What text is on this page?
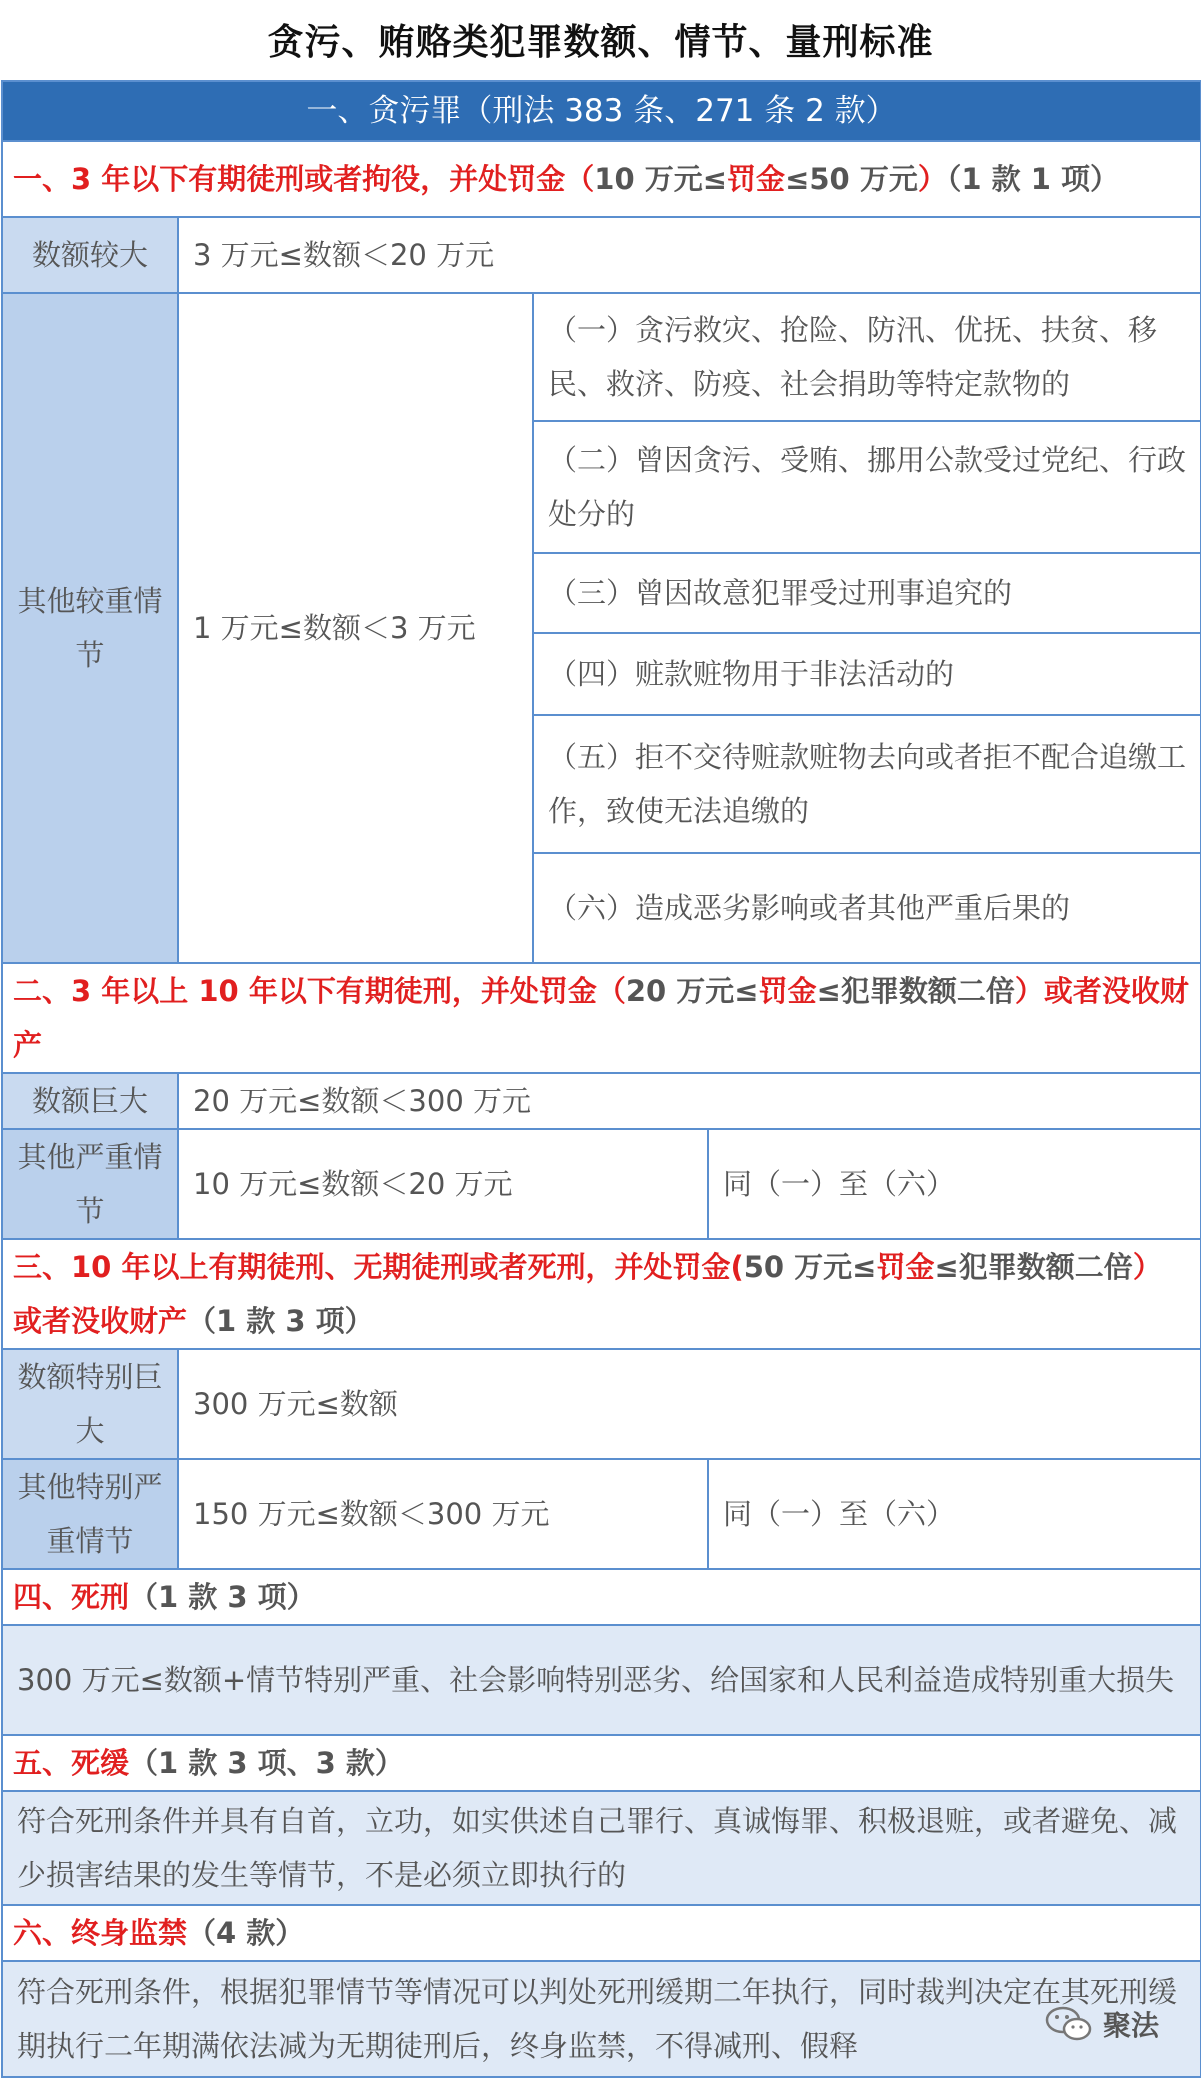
贪污、贿赂类犯罪数额、情节、量刑标准
一、贪污罪（刑法 383 条、271 条 2 款）			
一、3 年以下有期徒刑或者拘役，并处罚金（10 万元≤罚金≤50 万元）（1 款 1 项）			
数额较大	3 万元≤数额＜20 万元		
其他较重情节	1 万元≤数额＜3 万元	（一）贪污救灾、抢险、防汛、优抚、扶贫、移民、救济、防疫、社会捐助等特定款物的	
		（二）曾因贪污、受贿、挪用公款受过党纪、行政处分的	
		（三）曾因故意犯罪受过刑事追究的	
		（四）赃款赃物用于非法活动的	
		（五）拒不交待赃款赃物去向或者拒不配合追缴工作，致使无法追缴的	
		（六）造成恶劣影响或者其他严重后果的	
二、3 年以上 10 年以下有期徒刑，并处罚金（20 万元≤罚金≤犯罪数额二倍）或者没收财产			
数额巨大	20 万元≤数额＜300 万元		
其他严重情节	10 万元≤数额＜20 万元		同（一）至（六）
三、10 年以上有期徒刑、无期徒刑或者死刑，并处罚金(50 万元≤罚金≤犯罪数额二倍）或者没收财产（1 款 3 项）			
数额特别巨大	300 万元≤数额		
其他特别严重情节	150 万元≤数额＜300 万元		同（一）至（六）
四、死刑（1 款 3 项）			
300 万元≤数额+情节特别严重、社会影响特别恶劣、给国家和人民利益造成特别重大损失			
五、死缓（1 款 3 项、3 款）			
符合死刑条件并具有自首，立功，如实供述自己罪行、真诚悔罪、积极退赃，或者避免、减少损害结果的发生等情节，不是必须立即执行的			
六、终身监禁（4 款）			
符合死刑条件，根据犯罪情节等情况可以判处死刑缓期二年执行，同时裁判决定在其死刑缓期执行二年期满依法减为无期徒刑后，终身监禁，不得减刑、假释				聚法
